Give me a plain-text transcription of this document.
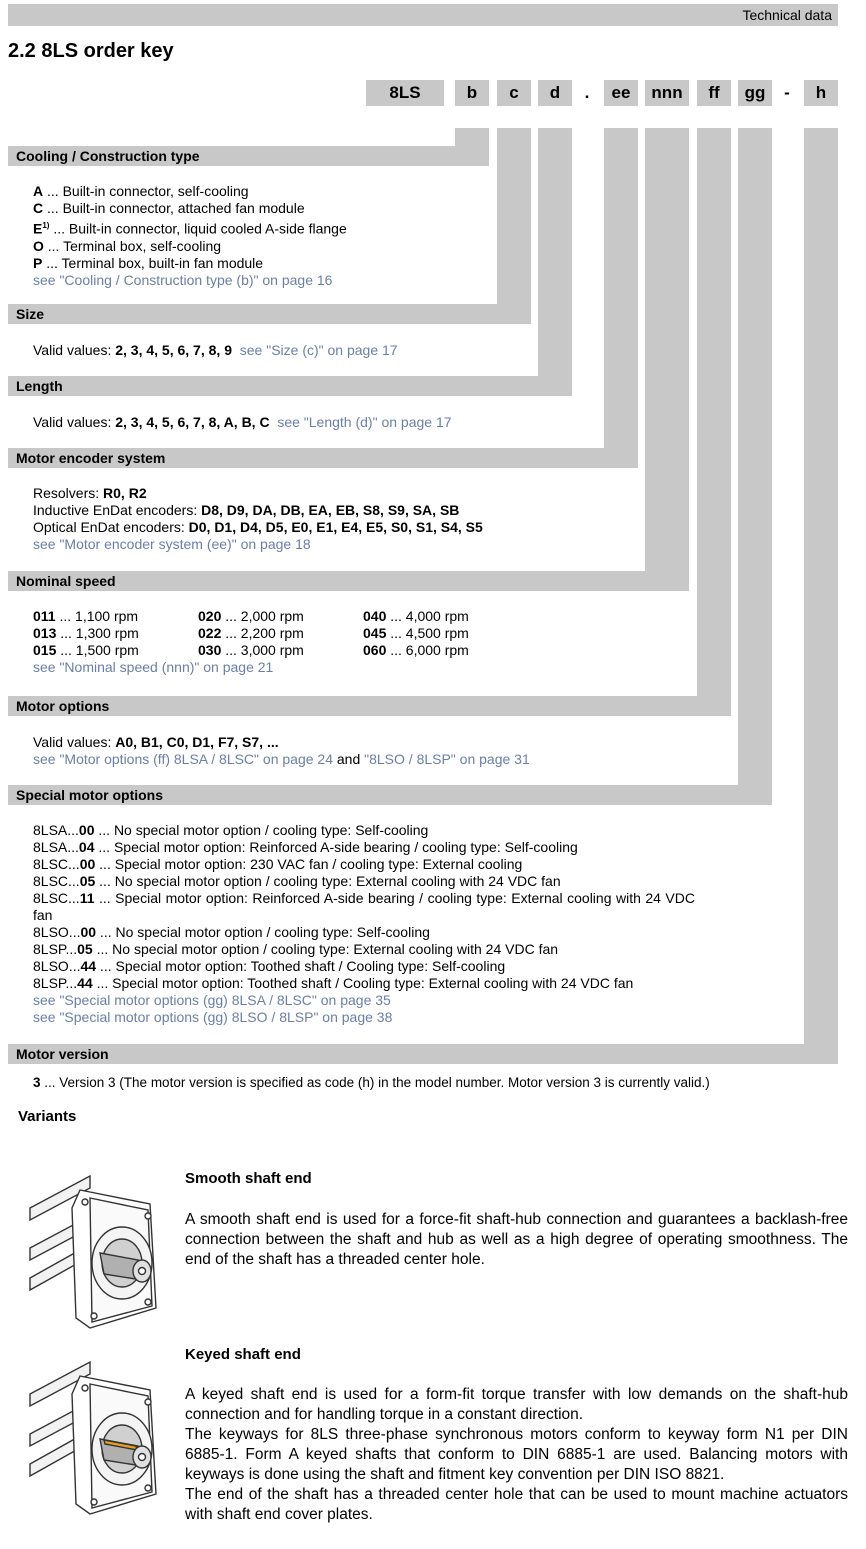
Technical data
2.2 8LS order key
8LS	b	c	d	.	ee	nnn	ff	gg	-	h
Cooling / Construction type
A ... Built-in connector, self-cooling
C ... Built-in connector, attached fan module
$E^{1)}$ ... Built-in connector, liquid cooled A-side flange
O ... Terminal box, self-cooling
P ... Terminal box, built-in fan module
see "Cooling / Construction type (b)" on page 16
Size
Valid values: 2, 3, 4, 5, 6, 7, 8, 9 see "Size (c)" on page 17
Length
Valid values: 2, 3, 4, 5, 6, 7, 8, A, B, C see "Length (d)" on page 17
Motor encoder system
Resolvers: R0, R2
Inductive EnDat encoders: D8, D9, DA, DB, EA, EB, S8, S9, SA, SB
Optical EnDat encoders: D0, D1, D4, D5, E0, E1, E4, E5, S0, S1, S4, S5
see "Motor encoder system (ee)" on page 18
Nominal speed
011 ... 1,100 rpm	020 ... 2,000 rpm	040 ... 4,000 rpm
013 ... 1,300 rpm	022 ... 2,200 rpm	045 ... 4,500 rpm
015 ... 1,500 rpm	030 ... 3,000 rpm	060 ... 6,000 rpm
see "Nominal speed (nnn)" on page 21
Motor options
Valid values: A0, B1, C0, D1, F7, S7, ...
see "Motor options (ff) 8LSA / 8LSC" on page 24 and "8LSO / 8LSP" on page 31
Special motor options
8LSA...00 ... No special motor option / cooling type: Self-cooling
8LSA...04 ... Special motor option: Reinforced A-side bearing / cooling type: Self-cooling
8LSC...00 ... Special motor option: 230 VAC fan / cooling type: External cooling
8LSC...05 ... No special motor option / cooling type: External cooling with 24 VDC fan
8LSC...11 ... Special motor option: Reinforced A-side bearing / cooling type: External cooling with 24 VDC fan
8LSO...00 ... No special motor option / cooling type: Self-cooling
8LSP...05 ... No special motor option / cooling type: External cooling with 24 VDC fan
8LSO...44 ... Special motor option: Toothed shaft / Cooling type: Self-cooling
8LSP...44 ... Special motor option: Toothed shaft / Cooling type: External cooling with 24 VDC fan
see "Special motor options (gg) 8LSA / 8LSC" on page 35
see "Special motor options (gg) 8LSO / 8LSP" on page 38
Motor version
3 ... Version 3 (The motor version is specified as code (h) in the model number. Motor version 3 is currently valid.)
Variants
Smooth shaft end
A smooth shaft end is used for a force-fit shaft-hub connection and guarantees a backlash-free connection between the shaft and hub as well as a high degree of operating smoothness. The end of the shaft has a threaded center hole.
Keyed shaft end
A keyed shaft end is used for a form-fit torque transfer with low demands on the shaft-hub connection and for handling torque in a constant direction.
The keyways for 8LS three-phase synchronous motors conform to keyway form N1 per DIN 6885-1. Form A keyed shafts that conform to DIN 6885-1 are used. Balancing motors with keyways is done using the shaft and fitment key convention per DIN ISO 8821.
The end of the shaft has a threaded center hole that can be used to mount machine actuators with shaft end cover plates.
